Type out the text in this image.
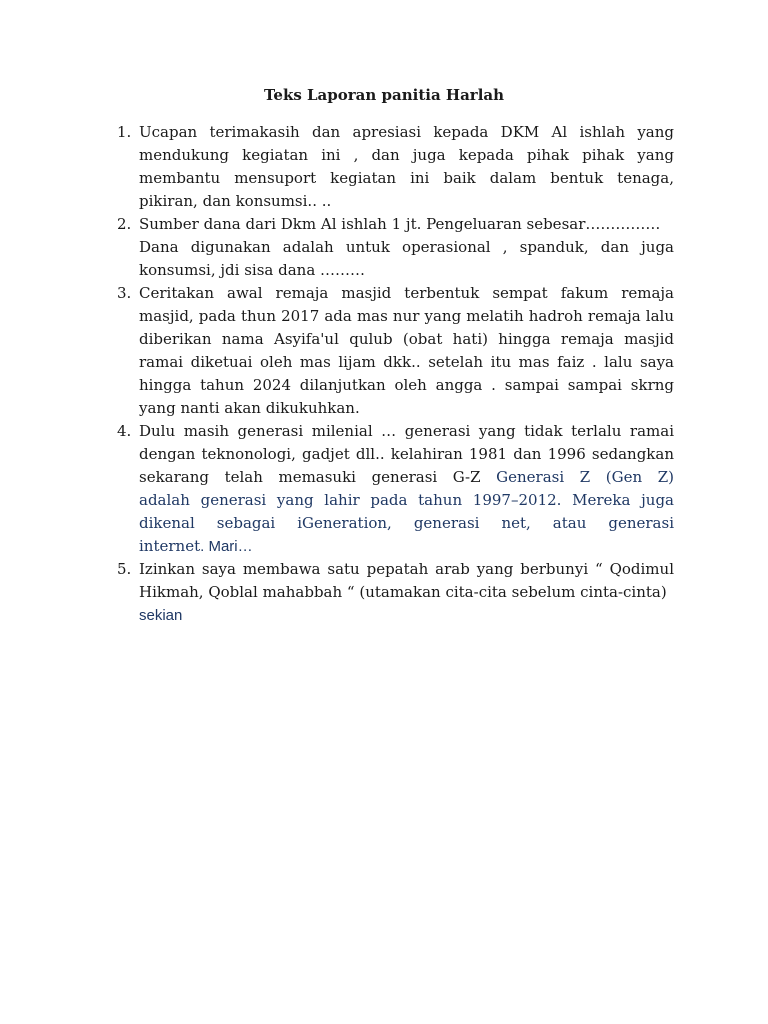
Teks Laporan panitia Harlah
1. Ucapan terimakasih dan apresiasi kepada DKM Al ishlah yang
mendukung kegiatan ini , dan juga kepada pihak pihak yang
membantu mensuport kegiatan ini baik dalam bentuk tenaga,
pikiran, dan konsumsi.. ..
2. Sumber dana dari Dkm Al ishlah 1 jt. Pengeluaran sebesar……………
Dana digunakan adalah untuk operasional , spanduk, dan juga
konsumsi, jdi sisa dana ………
3. Ceritakan awal remaja masjid terbentuk sempat fakum remaja
masjid, pada thun 2017 ada mas nur yang melatih hadroh remaja lalu
diberikan nama Asyifa'ul qulub (obat hati) hingga remaja masjid
ramai diketuai oleh mas lijam dkk.. setelah itu mas faiz . lalu saya
hingga tahun 2024 dilanjutkan oleh angga . sampai sampai skrng
yang nanti akan dikukuhkan.
4. Dulu masih generasi milenial … generasi yang tidak terlalu ramai
dengan teknonologi, gadjet dll.. kelahiran 1981 dan 1996 sedangkan
sekarang telah memasuki generasi G-Z Generasi Z (Gen Z)
adalah generasi yang lahir pada tahun 1997–2012. Mereka juga
dikenal sebagai iGeneration, generasi net, atau generasi
internet. Mari…
5. Izinkan saya membawa satu pepatah arab yang berbunyi “ Qodimul
Hikmah, Qoblal mahabbah “ (utamakan cita-cita sebelum cinta-cinta)
sekian
